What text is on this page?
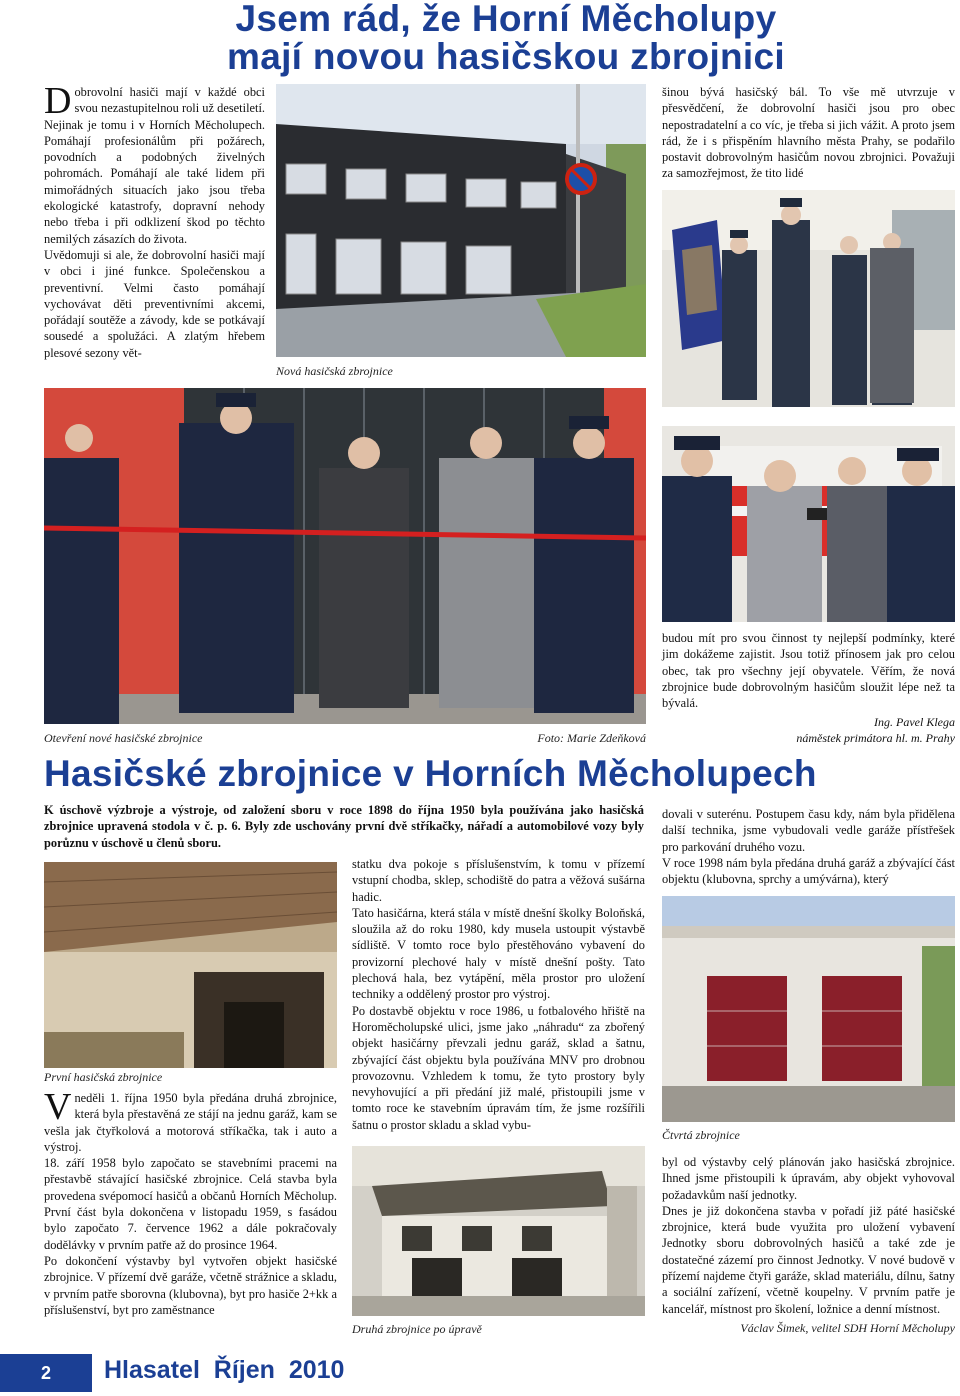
Jsem rád, že Horní Měcholupy
mají novou hasičskou zbrojnici

Dobrovolní hasiči mají v každé obci svou nezastupitelnou roli už desetiletí. Nejinak je tomu i v Horních Měcholupech. Pomáhají profesionálům při požárech, povodních a podobných živelných pohromách. Pomáhají ale také lidem při mimořádných situacích jako jsou třeba ekologické katastrofy, dopravní nehody nebo třeba i při odklizení škod po těchto nemilých zásazích do života.

Uvědomuji si ale, že dobrovolní hasiči mají v obci i jiné funkce. Společenskou a preventivní. Velmi často pomáhají vychovávat děti preventivními akcemi, pořádají soutěže a závody, kde se potkávají sousedé a spolužáci. A zlatým hřebem plesové sezony vět-

Nová hasičská zbrojnice

šinou bývá hasičský bál. To vše mě utvrzuje v přesvědčení, že dobrovolní hasiči jsou pro obec nepostradatelní a co víc, je třeba si jich vážit. A proto jsem rád, že i s přispěním hlavního města Prahy, se podařilo postavit dobrovolným hasičům novou zbrojnici. Považuji za samozřejmost, že tito lidé

budou mít pro svou činnost ty nejlepší podmínky, které jim dokážeme zajistit. Jsou totiž přínosem jak pro celou obec, tak pro všechny její obyvatele. Věřím, že nová zbrojnice bude dobrovolným hasičům sloužit lépe než ta bývalá.

Ing. Pavel Klega
náměstek primátora hl. m. Prahy
Otevření nové hasičské zbrojnice	Foto: Marie Zdeňková
Hasičské zbrojnice v Horních Měcholupech
K úschově výzbroje a výstroje, od založení sboru v roce 1898 do října 1950 byla používána jako hasičská zbrojnice upravená stodola v č. p. 6. Byly zde uschovány první dvě stříkačky, nářadí a automobilové vozy byly porůznu v úschově u členů sboru.
První hasičská zbrojnice

Vneděli 1. října 1950 byla předána druhá zbrojnice, která byla přestavěná ze stájí na jednu garáž, kam se vešla jak čtyřkolová a motorová stříkačka, tak i auto a výstroj.

18. září 1958 bylo započato se stavebními pracemi na přestavbě stávající hasičské zbrojnice. Celá stavba byla provedena svépomocí hasičů a občanů Horních Měcholup. První část byla dokončena v listopadu 1959, s fasádou bylo započato 7. července 1962 a dále pokračovaly dodělávky v prvním patře až do prosince 1964.

Po dokončení výstavby byl vytvořen objekt hasičské zbrojnice. V přízemí dvě garáže, včetně strážnice a skladu, v prvním patře sborovna (klubovna), byt pro hasiče 2+kk a příslušenství, byt pro zaměstnance

statku dva pokoje s příslušenstvím, k tomu v přízemí vstupní chodba, sklep, schodiště do patra a věžová sušárna hadic.

Tato hasičárna, která stála v místě dnešní školky Boloňská, sloužila až do roku 1980, kdy musela ustoupit výstavbě sídliště. V tomto roce bylo přestěhováno vybavení do provizorní plechové haly v místě dnešní pošty. Tato plechová hala, bez vytápění, měla prostor pro uložení techniky a oddělený prostor pro výstroj.

Po dostavbě objektu v roce 1986, u fotbalového hřiště na Horoměcholupské ulici, jsme jako „náhradu“ za zbořený objekt hasičárny převzali jednu garáž, sklad a šatnu, zbývající část objektu byla používána MNV pro drobnou provozovnu. Vzhledem k tomu, že tyto prostory byly nevyhovující a při předání již malé, přistoupili jsme v tomto roce ke stavebním úpravám tím, že jsme rozšířili šatnu o prostor skladu a sklad vybu-

Druhá zbrojnice po úpravě

dovali v suterénu. Postupem času kdy, nám byla přidělena další technika, jsme vybudovali vedle garáže přístřešek pro parkování druhého vozu.

V roce 1998 nám byla předána druhá garáž a zbývající část objektu (klubovna, sprchy a umývárna), který

Čtvrtá zbrojnice

byl od výstavby celý plánován jako hasičská zbrojnice. Ihned jsme přistoupili k úpravám, aby objekt vyhovoval požadavkům naší jednotky.

Dnes je již dokončena stavba v pořadí již páté hasičské zbrojnice, která bude využita pro uložení vybavení Jednotky sboru dobrovolných hasičů a také zde je dostatečné zázemí pro činnost Jednotky. V nové budově v přízemí najdeme čtyři garáže, sklad materiálu, dílnu, šatny a sociální zařízení, včetně koupelny. V prvním patře je kancelář, místnost pro školení, ložnice a denní místnost.

Václav Šimek, velitel SDH Horní Měcholupy
2 Hlasatel Říjen 2010
